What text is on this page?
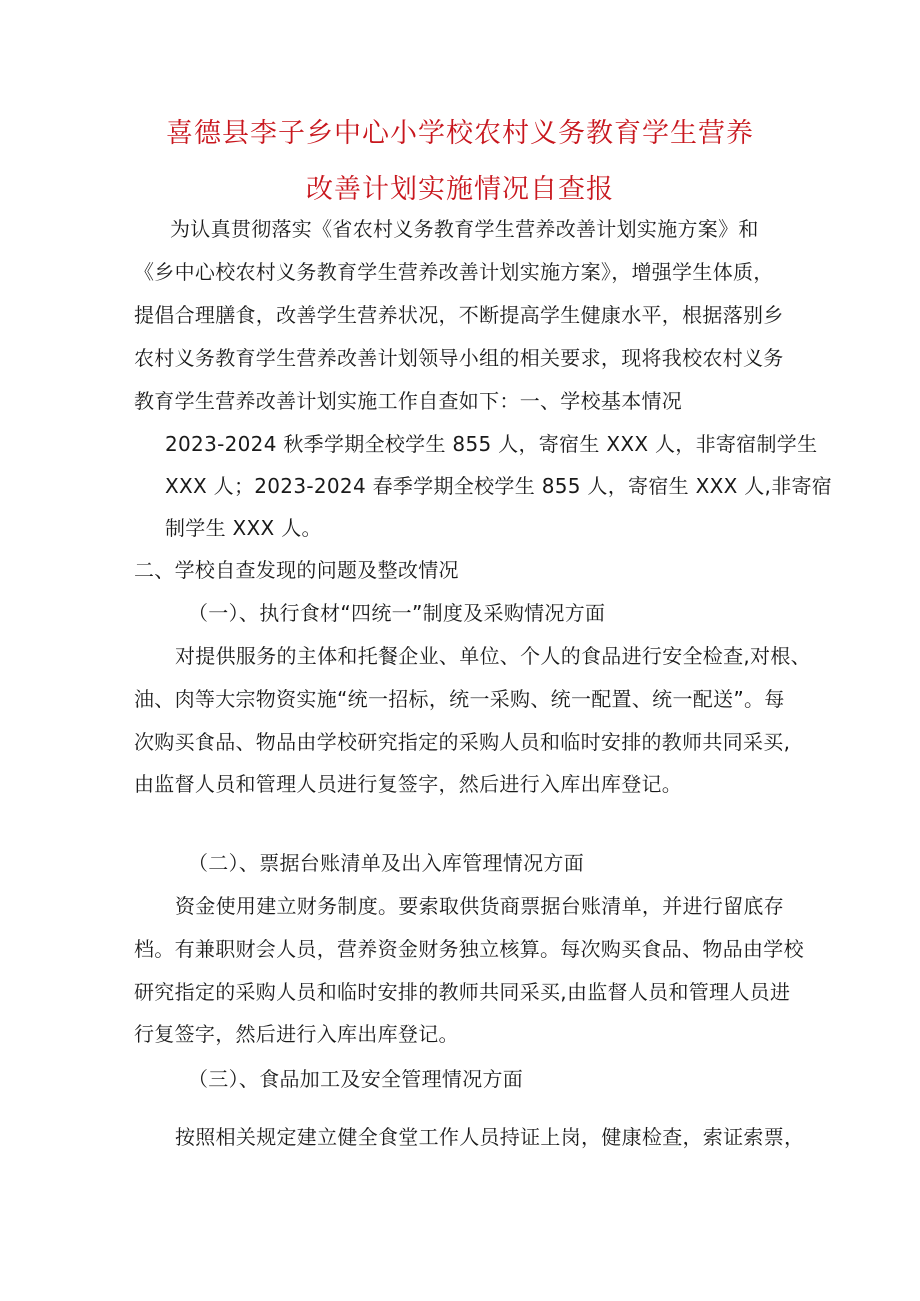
喜德县李子乡中心小学校农村义务教育学生营养
改善计划实施情况自查报
为认真贯彻落实《省农村义务教育学生营养改善计划实施方案》和
《乡中心校农村义务教育学生营养改善计划实施方案》，增强学生体质，
提倡合理膳食，改善学生营养状况，不断提高学生健康水平，根据落别乡
农村义务教育学生营养改善计划领导小组的相关要求，现将我校农村义务
教育学生营养改善计划实施工作自查如下：一、学校基本情况
2023-2024 秋季学期全校学生 855 人，寄宿生 XXX 人，非寄宿制学生
XXX 人；2023-2024 春季学期全校学生 855 人，寄宿生 XXX 人,非寄宿
制学生 XXX 人。
二、学校自查发现的问题及整改情况
（一）、执行食材“四统一”制度及采购情况方面
对提供服务的主体和托餐企业、单位、个人的食品进行安全检查,对根、
油、肉等大宗物资实施“统一招标，统一采购、统一配置、统一配送”。每
次购买食品、物品由学校研究指定的采购人员和临时安排的教师共同采买,
由监督人员和管理人员进行复签字，然后进行入库出库登记。
（二）、票据台账清单及出入库管理情况方面
资金使用建立财务制度。要索取供货商票据台账清单，并进行留底存
档。有兼职财会人员，营养资金财务独立核算。每次购买食品、物品由学校
研究指定的采购人员和临时安排的教师共同采买,由监督人员和管理人员进
行复签字，然后进行入库出库登记。
（三）、食品加工及安全管理情况方面
按照相关规定建立健全食堂工作人员持证上岗，健康检查，索证索票，
